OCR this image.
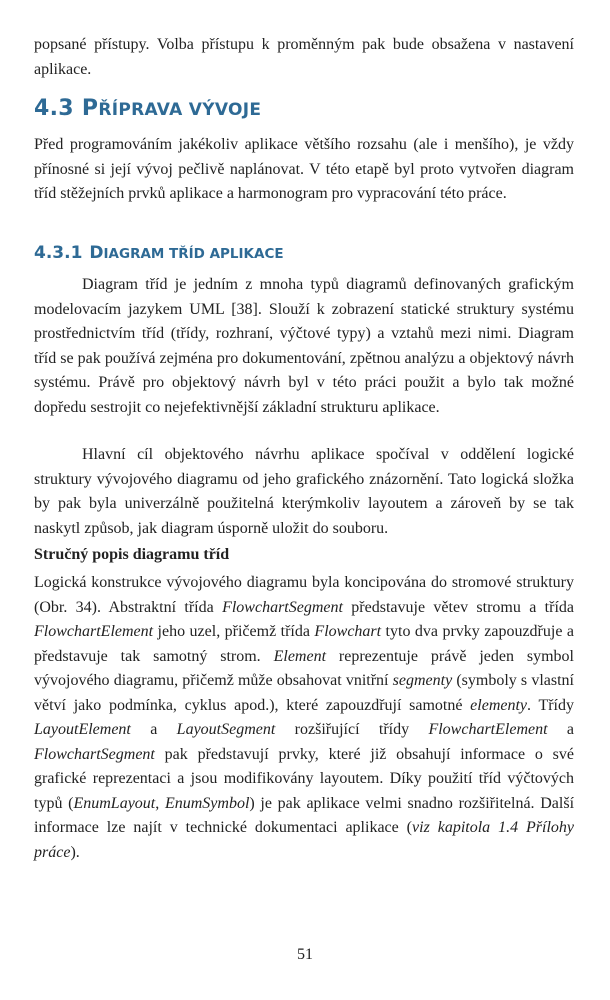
popsané přístupy. Volba přístupu k proměnným pak bude obsažena v nastavení aplikace.

4.3 PŘÍPRAVA VÝVOJE

Před programováním jakékoliv aplikace většího rozsahu (ale i menšího), je vždy přínosné si její vývoj pečlivě naplánovat. V této etapě byl proto vytvořen diagram tříd stěžejních prvků aplikace a harmonogram pro vypracování této práce.

4.3.1 DIAGRAM TŘÍD APLIKACE

Diagram tříd je jedním z mnoha typů diagramů definovaných grafickým modelovacím jazykem UML [38]. Slouží k zobrazení statické struktury systému prostřednictvím tříd (třídy, rozhraní, výčtové typy) a vztahů mezi nimi. Diagram tříd se pak používá zejména pro dokumentování, zpětnou analýzu a objektový návrh systému. Právě pro objektový návrh byl v této práci použit a bylo tak možné dopředu sestrojit co nejefektivnější základní strukturu aplikace.

Hlavní cíl objektového návrhu aplikace spočíval v oddělení logické struktury vývojového diagramu od jeho grafického znázornění. Tato logická složka by pak byla univerzálně použitelná kterýmkoliv layoutem a zároveň by se tak naskytl způsob, jak diagram úsporně uložit do souboru.

Stručný popis diagramu tříd

Logická konstrukce vývojového diagramu byla koncipována do stromové struktury (Obr. 34). Abstraktní třída FlowchartSegment představuje větev stromu a třída FlowchartElement jeho uzel, přičemž třída Flowchart tyto dva prvky zapouzdřuje a představuje tak samotný strom. Element reprezentuje právě jeden symbol vývojového diagramu, přičemž může obsahovat vnitřní segmenty (symboly s vlastní větví jako podmínka, cyklus apod.), které zapouzdřují samotné elementy. Třídy LayoutElement a LayoutSegment rozšiřující třídy FlowchartElement a FlowchartSegment pak představují prvky, které již obsahují informace o své grafické reprezentaci a jsou modifikovány layoutem. Díky použití tříd výčtových typů (EnumLayout, EnumSymbol) je pak aplikace velmi snadno rozšiřitelná. Další informace lze najít v technické dokumentaci aplikace (viz kapitola 1.4 Přílohy práce).

51
